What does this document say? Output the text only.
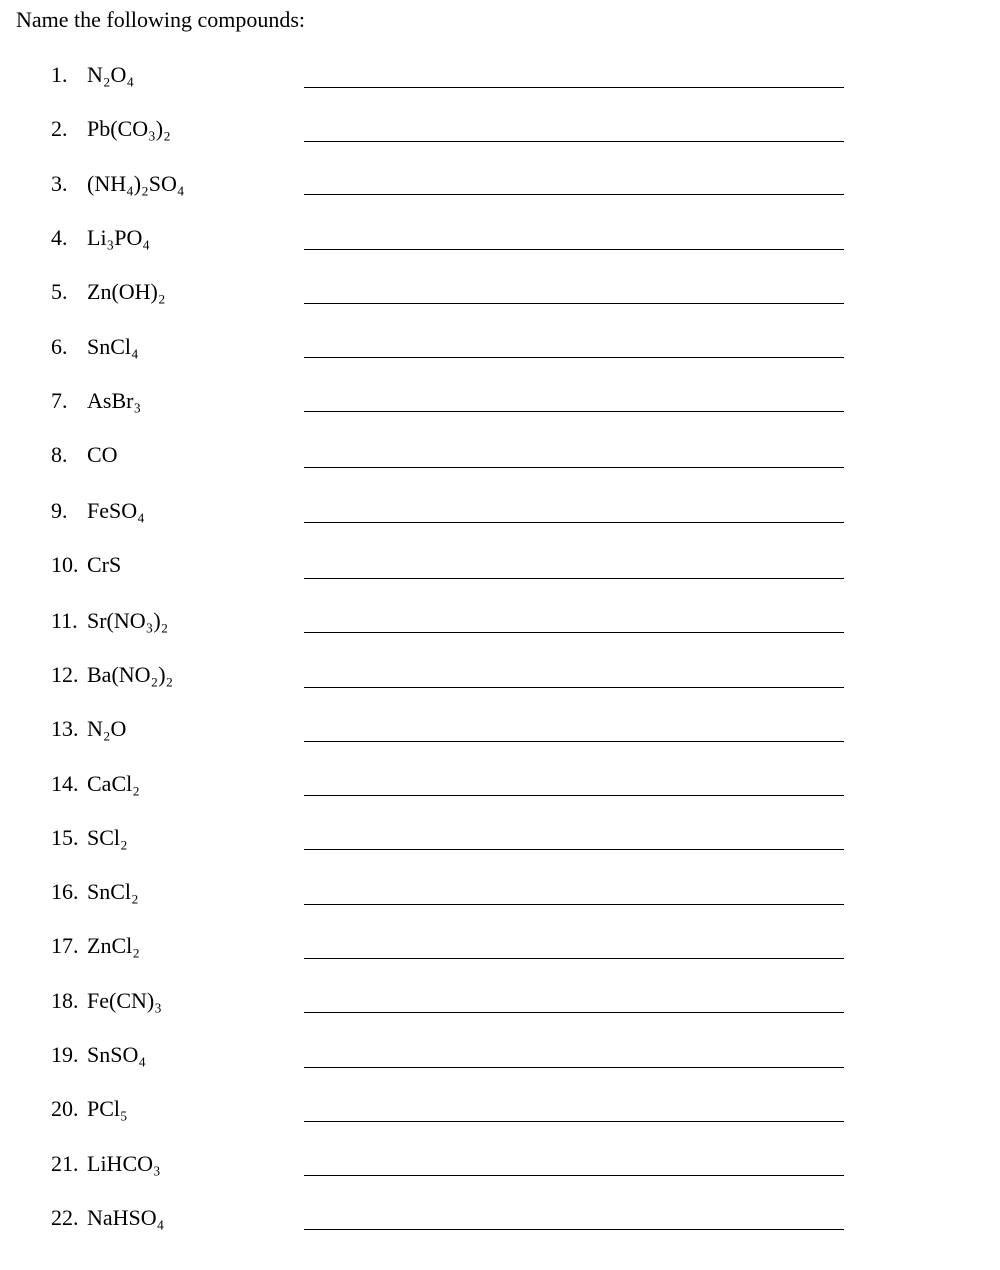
Name the following compounds:
1. N₂O₄
2. Pb(CO₃)₂
3. (NH₄)₂SO₄
4. Li₃PO₄
5. Zn(OH)₂
6. SnCl₄
7. AsBr₃
8. CO
9. FeSO₄
10. CrS
11. Sr(NO₃)₂
12. Ba(NO₂)₂
13. N₂O
14. CaCl₂
15. SCl₂
16. SnCl₂
17. ZnCl₂
18. Fe(CN)₃
19. SnSO₄
20. PCl₅
21. LiHCO₃
22. NaHSO₄
